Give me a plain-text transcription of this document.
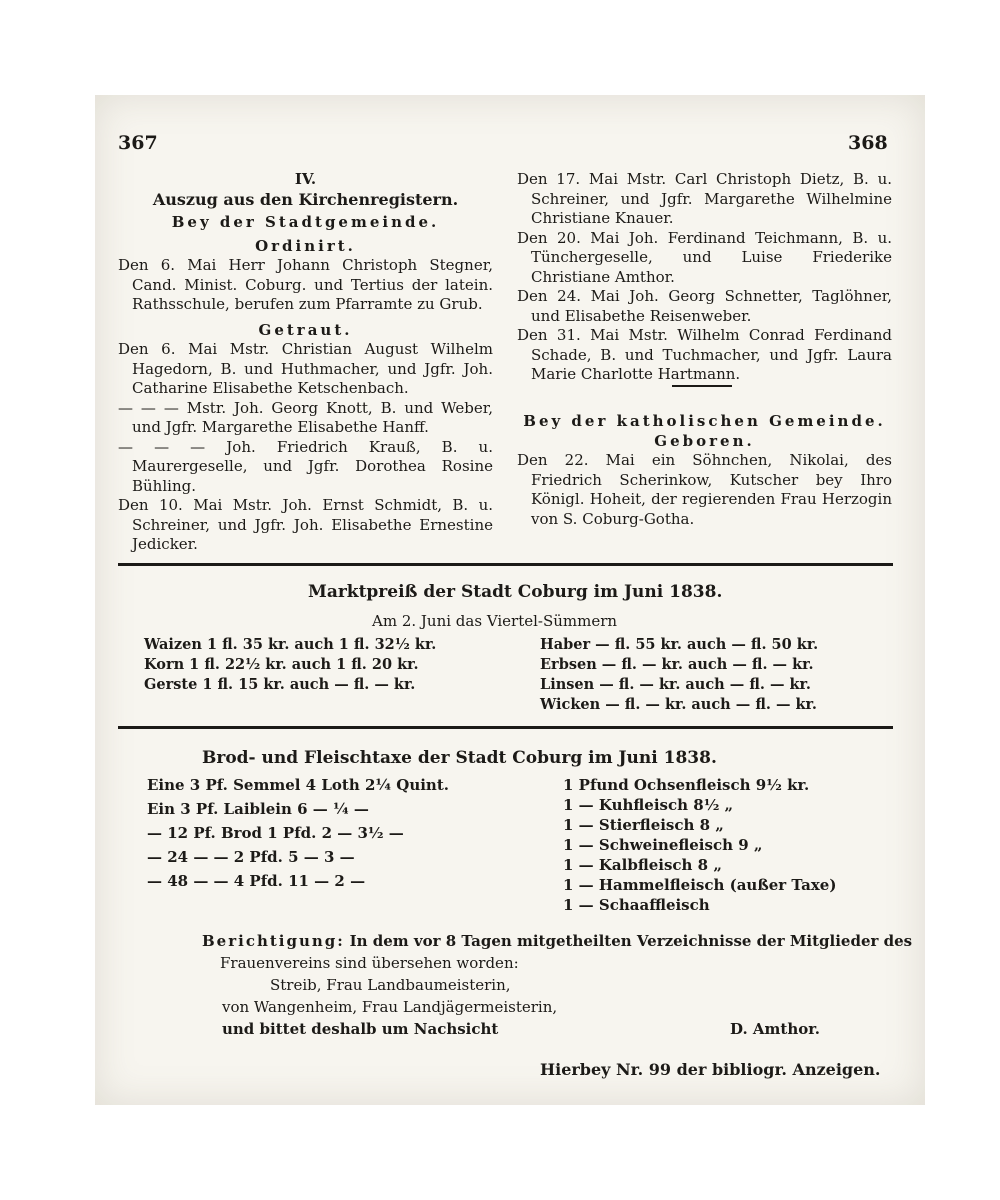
367	368

IV.

Auszug aus den Kirchenregistern.

Bey der Stadtgemeinde.

Ordinirt.

Den 6. Mai Herr Johann Christoph Stegner, Cand. Minist. Coburg. und Tertius der latein. Rathsschule, berufen zum Pfarramte zu Grub.

Getraut.

Den 6. Mai Mstr. Christian August Wilhelm Hagedorn, B. und Huthmacher, und Jgfr. Joh. Catharine Elisabethe Ketschenbach.

— — — Mstr. Joh. Georg Knott, B. und Weber, und Jgfr. Margarethe Elisabethe Hanff.

— — — Joh. Friedrich Krauß, B. u. Maurergeselle, und Jgfr. Dorothea Rosine Bühling.

Den 10. Mai Mstr. Joh. Ernst Schmidt, B. u. Schreiner, und Jgfr. Joh. Elisabethe Ernestine Jedicker.

Den 17. Mai Mstr. Carl Christoph Dietz, B. u. Schreiner, und Jgfr. Margarethe Wilhelmine Christiane Knauer.

Den 20. Mai Joh. Ferdinand Teichmann, B. u. Tünchergeselle, und Luise Friederike Christiane Amthor.

Den 24. Mai Joh. Georg Schnetter, Taglöhner, und Elisabethe Reisenweber.

Den 31. Mai Mstr. Wilhelm Conrad Ferdinand Schade, B. und Tuchmacher, und Jgfr. Laura Marie Charlotte Hartmann.

Bey der katholischen Gemeinde.

Geboren.

Den 22. Mai ein Söhnchen, Nikolai, des Friedrich Scherinkow, Kutscher bey Ihro Königl. Hoheit, der regierenden Frau Herzogin von S. Coburg-Gotha.

Marktpreiß der Stadt Coburg im Juni 1838.
Am 2. Juni das Viertel-Sümmern
Waizen 1 fl. 35 kr. auch 1 fl. 32½ kr.
Korn 1 fl. 22½ kr. auch 1 fl. 20 kr.
Gerste 1 fl. 15 kr. auch — fl. — kr.
Haber — fl. 55 kr. auch — fl. 50 kr.
Erbsen — fl. — kr. auch — fl. — kr.
Linsen — fl. — kr. auch — fl. — kr.
Wicken — fl. — kr. auch — fl. — kr.
Brod- und Fleischtaxe der Stadt Coburg im Juni 1838.
Eine 3 Pf. Semmel 4 Loth 2¼ Quint.
Ein 3 Pf. Laiblein 6 — ¼ —
— 12 Pf. Brod 1 Pfd. 2 — 3½ —
— 24 — — 2 Pfd. 5 — 3 —
— 48 — — 4 Pfd. 11 — 2 —
1 Pfund Ochsenfleisch 9½ kr.
1 — Kuhfleisch 8½ „
1 — Stierfleisch 8 „
1 — Schweinefleisch 9 „
1 — Kalbfleisch 8 „
1 — Hammelfleisch (außer Taxe)
1 — Schaaffleisch
Berichtigung: In dem vor 8 Tagen mitgetheilten Verzeichnisse der Mitglieder des
Frauenvereins sind übersehen worden:
Streib, Frau Landbaumeisterin,
von Wangenheim, Frau Landjägermeisterin,
und bittet deshalb um Nachsicht	D. Amthor.
Hierbey Nr. 99 der bibliogr. Anzeigen.
